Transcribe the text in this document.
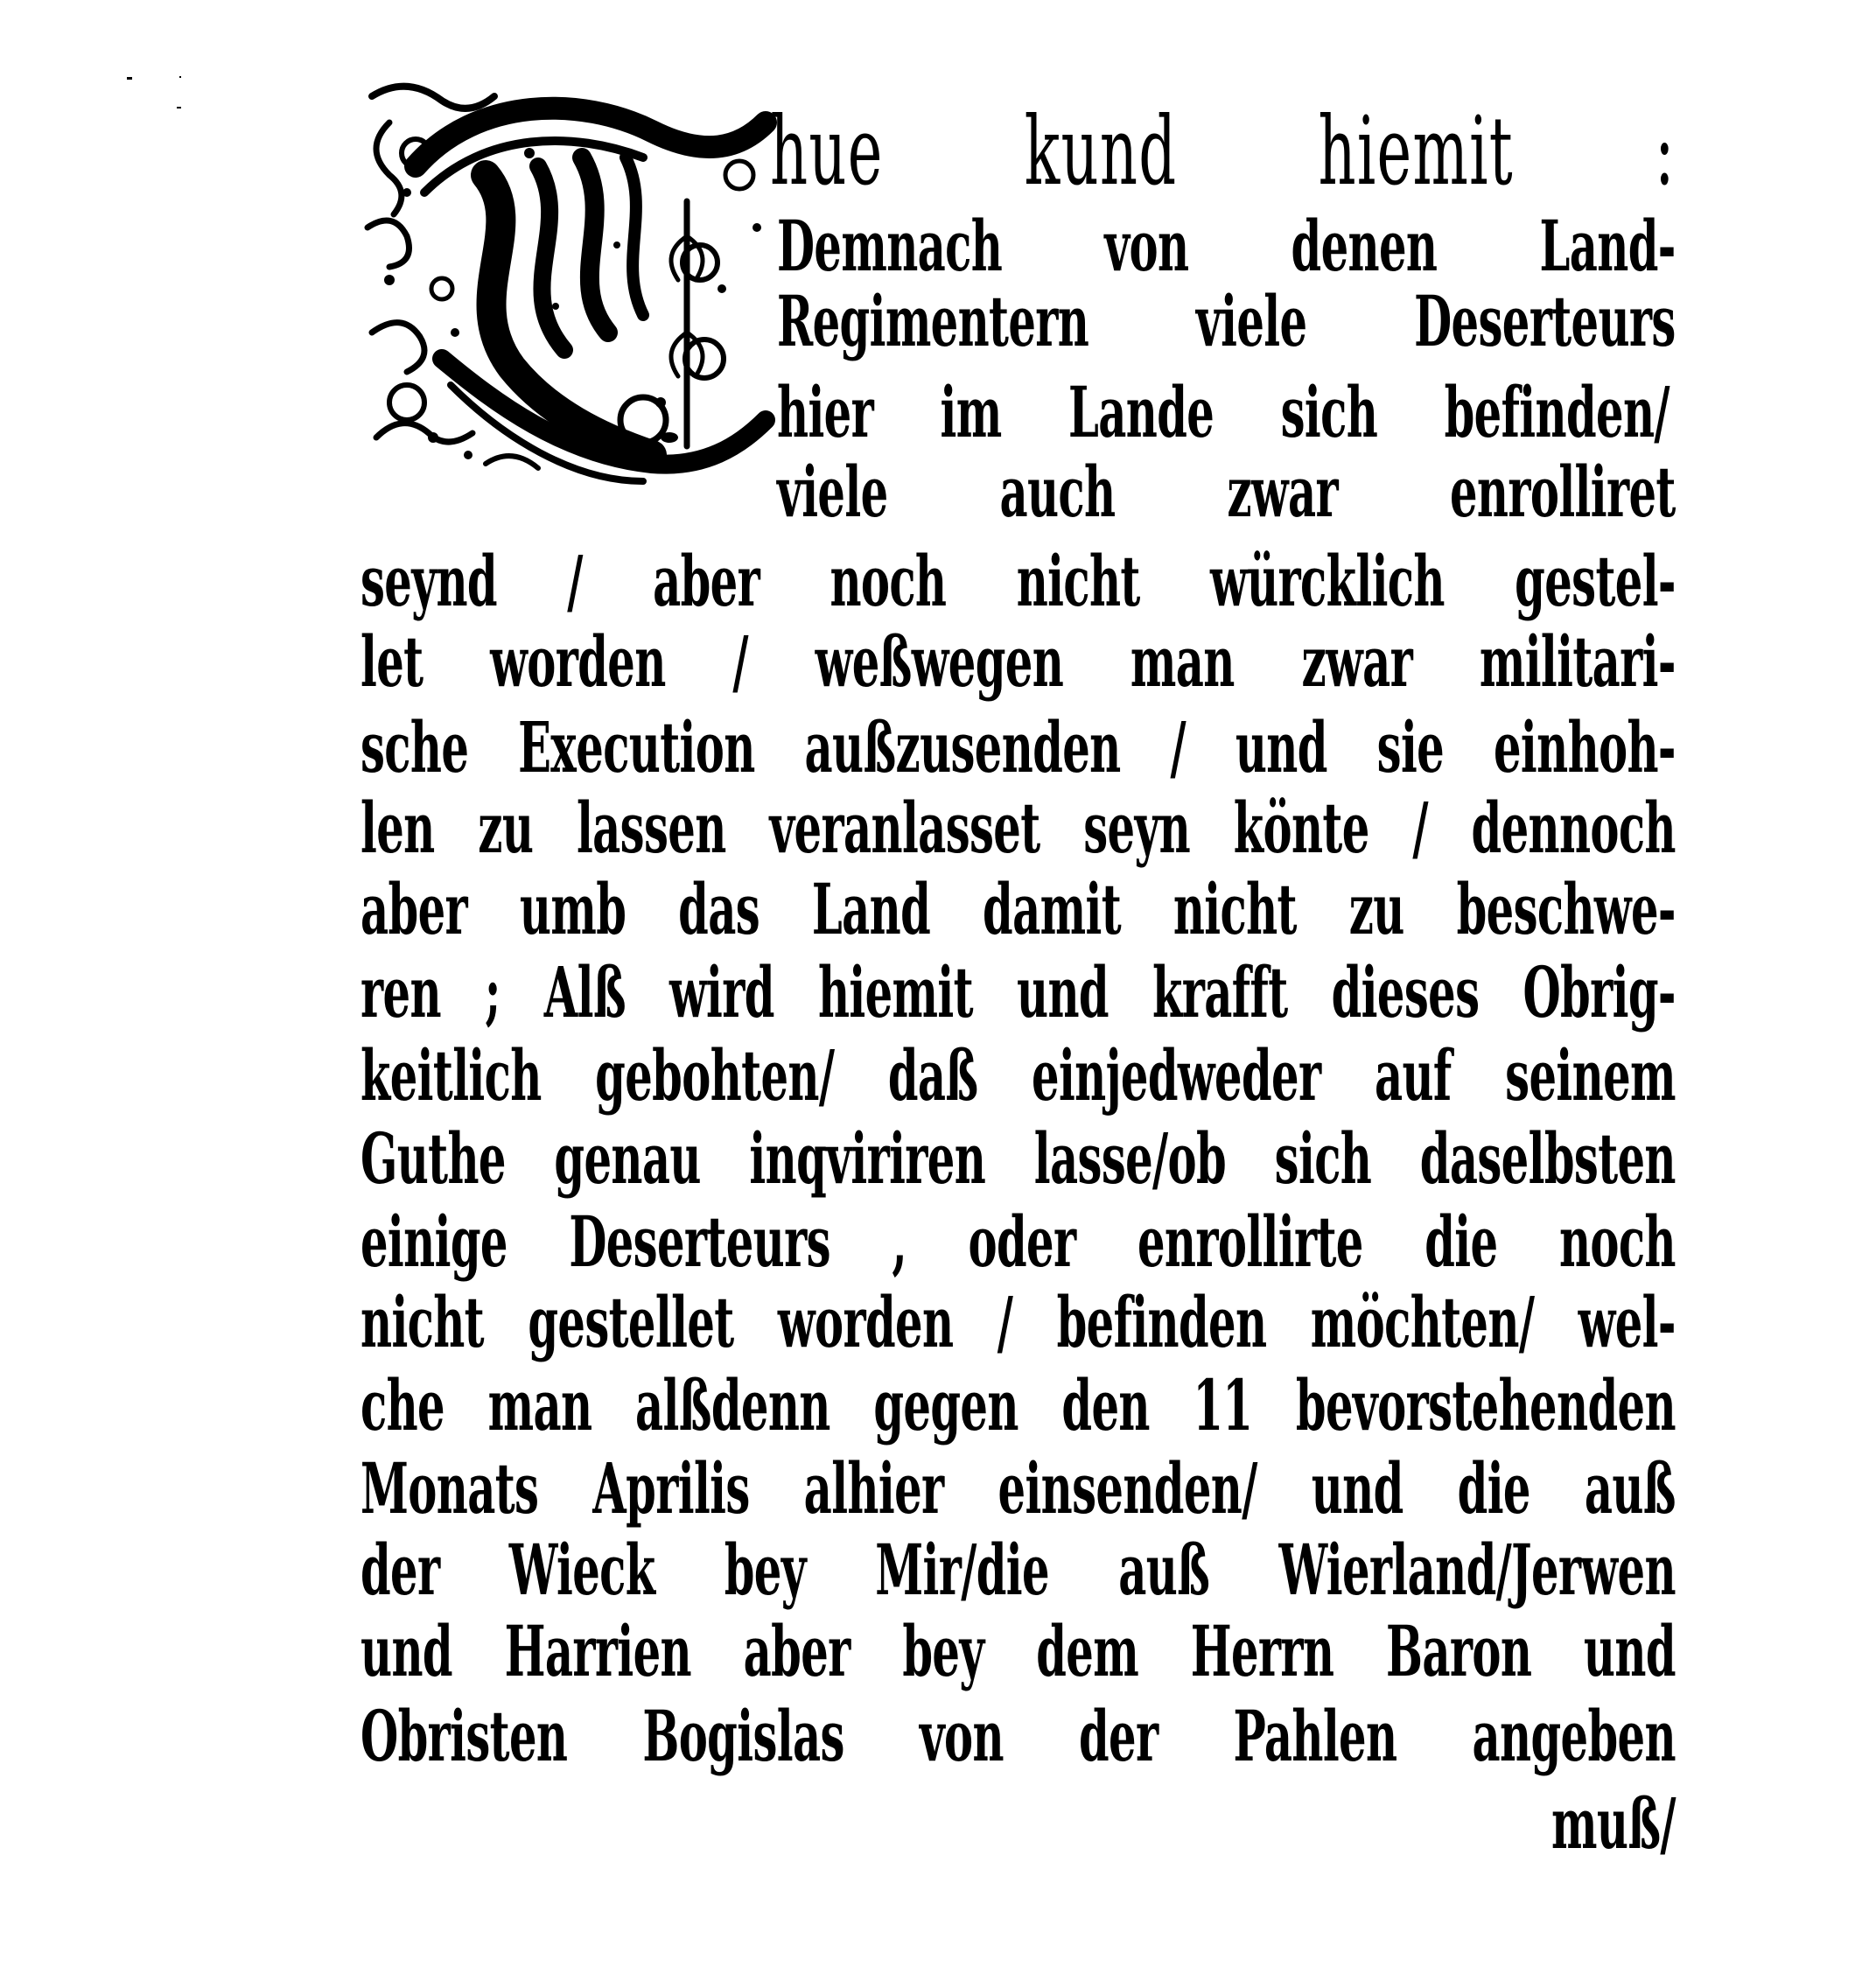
hue kund hiemit :
Demnach von denen Land-
Regimentern viele Deserteurs
hier im Lande sich befinden/
viele auch zwar enrolliret
seynd / aber noch nicht würcklich gestel-
let worden / weßwegen man zwar militari-
sche Execution außzusenden / und sie einhoh-
len zu lassen veranlasset seyn könte / dennoch
aber umb das Land damit nicht zu beschwe-
ren ; Alß wird hiemit und krafft dieses Obrig-
keitlich gebohten/ daß einjedweder auf seinem
Guthe genau inqviriren lasse/ob sich daselbsten
einige Deserteurs , oder enrollirte die noch
nicht gestellet worden / befinden möchten/ wel-
che man alßdenn gegen den 11 bevorstehenden
Monats Aprilis alhier einsenden/ und die auß
der Wieck bey Mir/die auß Wierland/Jerwen
und Harrien aber bey dem Herrn Baron und
Obristen Bogislas von der Pahlen angeben
muß/
